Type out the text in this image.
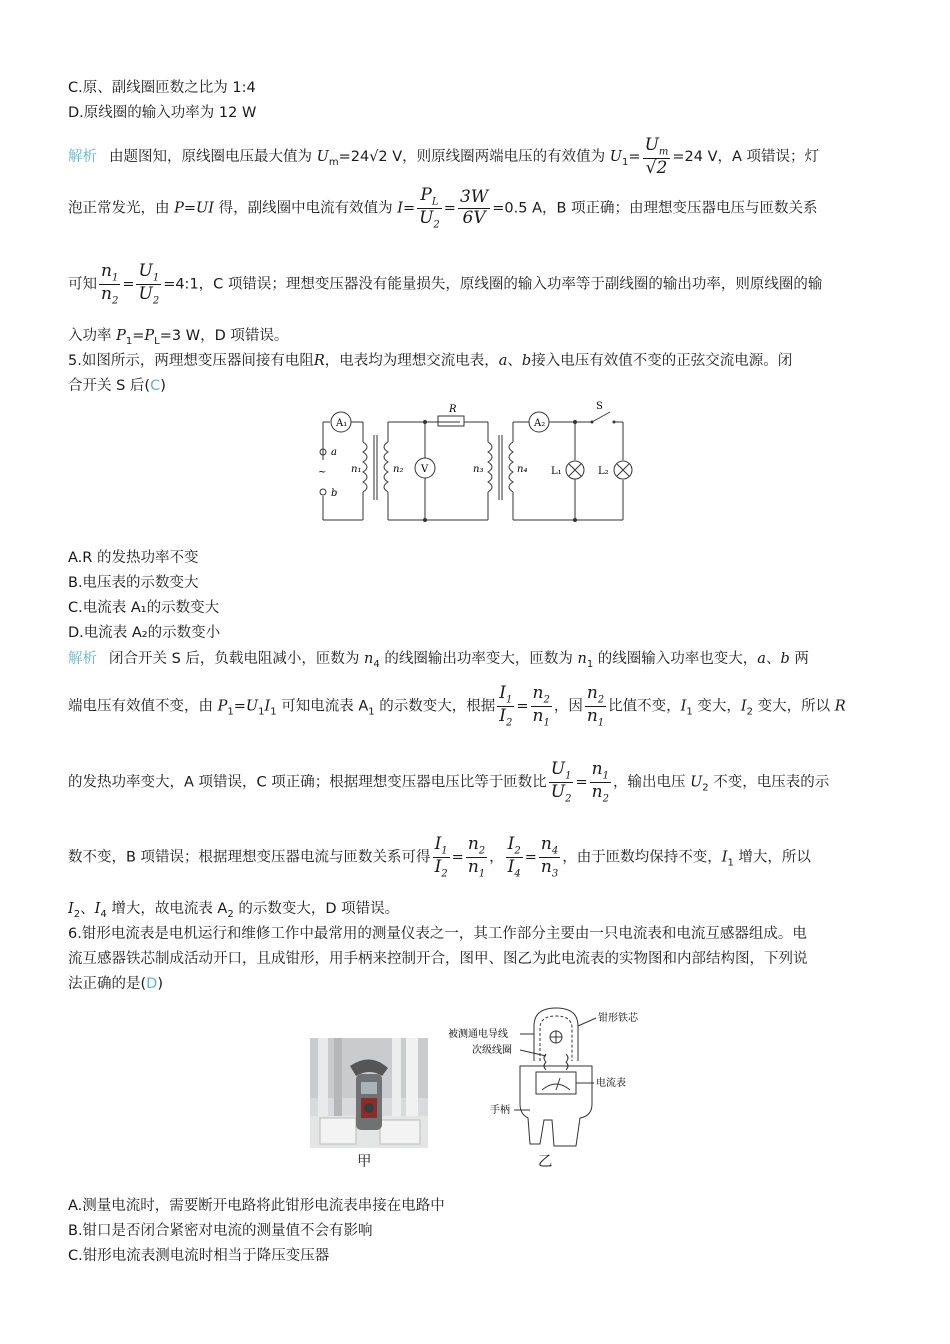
C.原、副线圈匝数之比为 1:4
D.原线圈的输入功率为 12 W
解析 由题图知，原线圈电压最大值为 $U_m=24√2$ V，则原线圈两端电压的有效值为 $U_1= \frac{U_m}{√2} =24$ V，A 项错误；灯
泡正常发光，由 P=UI 得，副线圈中电流有效值为 $I= \frac{P_L}{U_2} = \frac{3W}{6V} =0.5$ A，B 项正确；由理想变压器电压与匝数关系
可知 $\frac{n_1}{n_2} = \frac{U_1}{U_2}$ =4:1，C 项错误；理想变压器没有能量损失，原线圈的输入功率等于副线圈的输出功率，则原线圈的输
入功率 $P_1=P_L=3$ W，D 项错误。
5.如图所示，两理想变压器间接有电阻R，电表均为理想交流电表，a、b接入电压有效值不变的正弦交流电源。闭
合开关 S 后(C)
A₁	A₂
R	S
a
b
~ n₁	n₂ V	n₃	n₄ L₁	L₂
A.R 的发热功率不变
B.电压表的示数变大
C.电流表 A₁的示数变大
D.电流表 A₂的示数变小
解析 闭合开关 S 后，负载电阻减小，匝数为 $n_4$ 的线圈输出功率变大，匝数为 $n_1$ 的线圈输入功率也变大，a、b 两
端电压有效值不变，由 $P_1=U_1I_1$ 可知电流表 $A_1$ 的示数变大，根据 $\frac{I_1}{I_2} = \frac{n_2}{n_1}$ ，因 $\frac{n_2}{n_1}$ 比值不变，$I_1$ 变大，$I_2$ 变大，所以 R
的发热功率变大，A 项错误，C 项正确；根据理想变压器电压比等于匝数比 $\frac{U_1}{U_2} = \frac{n_1}{n_2}$ ，输出电压 $U_2$ 不变，电压表的示
数不变，B 项错误；根据理想变压器电流与匝数关系可得 $\frac{I_1}{I_2} = \frac{n_2}{n_1}$ ， $\frac{I_2}{I_4} = \frac{n_4}{n_3}$ ，由于匝数均保持不变，$I_1$ 增大，所以
$I_2$、$I_4$ 增大，故电流表 $A_2$ 的示数变大，D 项错误。
6.钳形电流表是电机运行和维修工作中最常用的测量仪表之一，其工作部分主要由一只电流表和电流互感器组成。电
流互感器铁芯制成活动开口，且成钳形，用手柄来控制开合，图甲、图乙为此电流表的实物图和内部结构图，下列说
法正确的是(D)
甲
钳形铁芯
被测通电导线
次级线圈
电流表
手柄
乙
A.测量电流时，需要断开电路将此钳形电流表串接在电路中
B.钳口是否闭合紧密对电流的测量值不会有影响
C.钳形电流表测电流时相当于降压变压器
